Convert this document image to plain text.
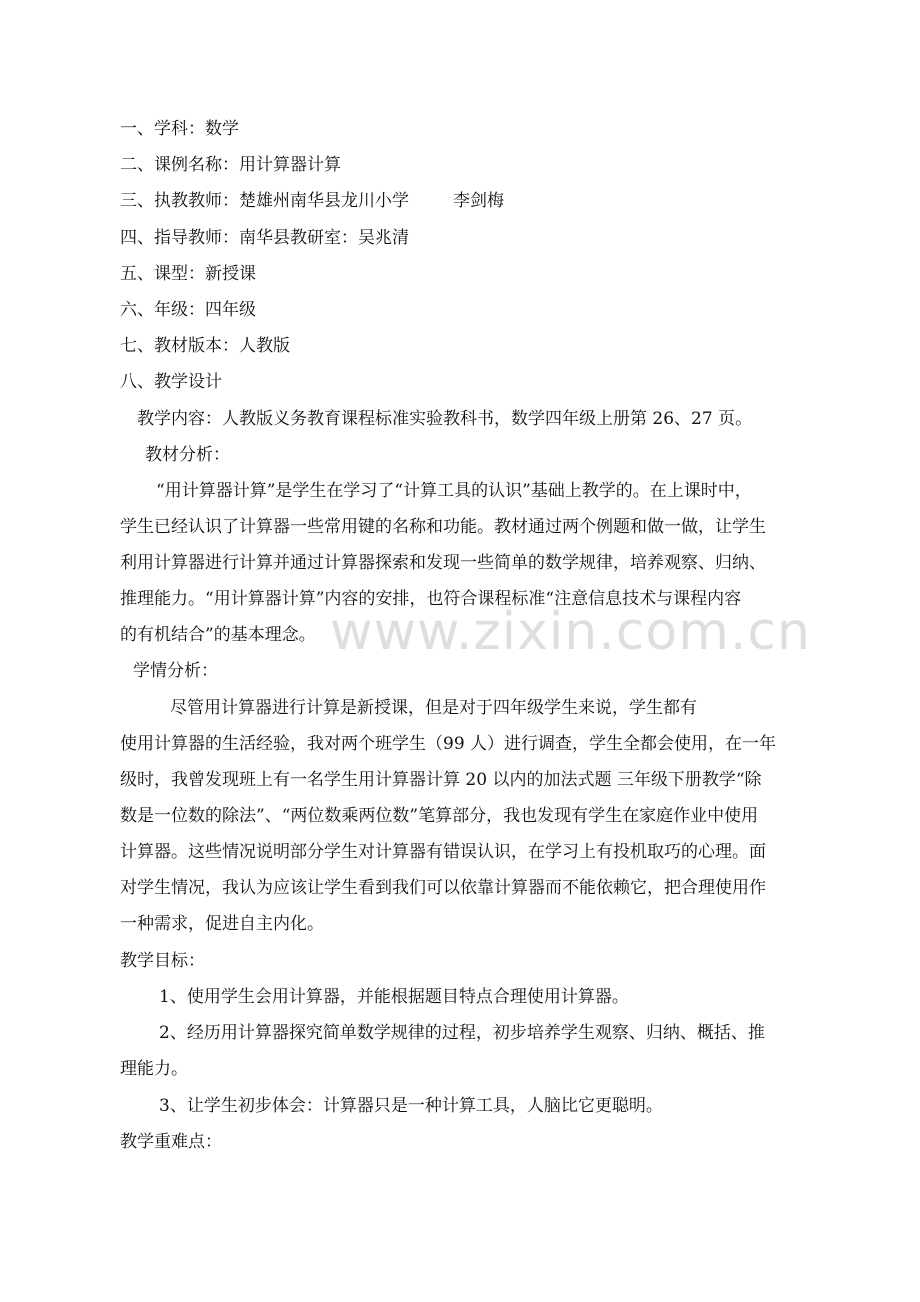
www.zixin.com.cn
一、学科：数学
二、课例名称：用计算器计算
三、执教教师：楚雄州南华县龙川小学	李剑梅
四、指导教师：南华县教研室：吴兆清
五、课型：新授课
六、年级：四年级
七、教材版本：人教版
八、教学设计
教学内容：人教版义务教育课程标准实验教科书，数学四年级上册第 26、27 页。
教材分析：
“用计算器计算”是学生在学习了“计算工具的认识”基础上教学的。在上课时中，
学生已经认识了计算器一些常用键的名称和功能。教材通过两个例题和做一做，让学生
利用计算器进行计算并通过计算器探索和发现一些简单的数学规律，培养观察、归纳、
推理能力。“用计算器计算”内容的安排，也符合课程标准“注意信息技术与课程内容
的有机结合”的基本理念。
学情分析：
尽管用计算器进行计算是新授课，但是对于四年级学生来说，学生都有
使用计算器的生活经验，我对两个班学生（99 人）进行调查，学生全都会使用，在一年
级时，我曾发现班上有一名学生用计算器计算 20 以内的加法式题 三年级下册教学“除
数是一位数的除法”、“两位数乘两位数”笔算部分，我也发现有学生在家庭作业中使用
计算器。这些情况说明部分学生对计算器有错误认识，在学习上有投机取巧的心理。面
对学生情况，我认为应该让学生看到我们可以依靠计算器而不能依赖它，把合理使用作
一种需求，促进自主内化。
教学目标：
1、使用学生会用计算器，并能根据题目特点合理使用计算器。
2、经历用计算器探究简单数学规律的过程，初步培养学生观察、归纳、概括、推
理能力。
3、让学生初步体会：计算器只是一种计算工具，人脑比它更聪明。
教学重难点：
